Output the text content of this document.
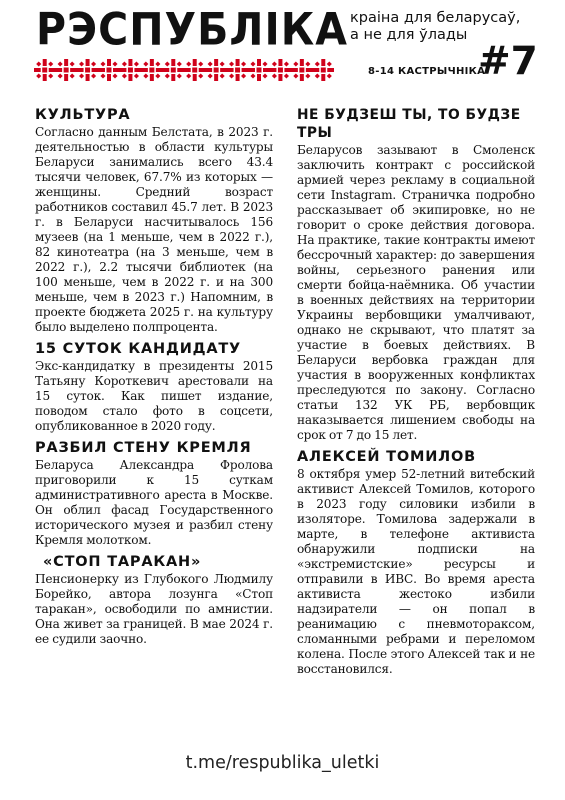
РЭСПУБЛІКА краіна для беларусаў,
а не для ўлады
8-14 КАСТРЫЧНІКА
#7
КУЛЬТУРА

Согласно данным Белстата, в 2023 г. деятельностью в области культуры Беларуси занимались всего 43.4 тысячи человек, 67.7% из которых — женщины. Средний возраст работников составил 45.7 лет. В 2023 г. в Беларуси насчитывалось 156 музеев (на 1 меньше, чем в 2022 г.), 82 кинотеатра (на 3 меньше, чем в 2022 г.), 2.2 тысячи библиотек (на 100 меньше, чем в 2022 г. и на 300 меньше, чем в 2023 г.) Напомним, в проекте бюджета 2025 г. на культуру было выделено полпроцента.

15 СУТОК КАНДИДАТУ

Экс-кандидатку в президенты 2015 Татьяну Короткевич арестовали на 15 суток. Как пишет издание, поводом стало фото в соцсети, опубликованное в 2020 году.

РАЗБИЛ СТЕНУ КРЕМЛЯ

Беларуса Александра Фролова приговорили к 15 суткам административного ареста в Москве. Он облил фасад Государственного исторического музея и разбил стену Кремля молотком.

«СТОП ТАРАКАН»

Пенсионерку из Глубокого Людмилу Борейко, автора лозунга «Стоп таракан», освободили по амнистии. Она живет за границей. В мае 2024 г. ее судили заочно.

НЕ БУДЗЕШ ТЫ, ТО БУДЗЕ ТРЫ

Беларусов зазывают в Смоленск заключить контракт с российской армией через рекламу в социальной сети Instagram. Страничка подробно рассказывает об экипировке, но не говорит о сроке действия договора. На практике, такие контракты имеют бессрочный характер: до завершения войны, серьезного ранения или смерти бойца-наёмника. Об участии в военных действиях на территории Украины вербовщики умалчивают, однако не скрывают, что платят за участие в боевых действиях. В Беларуси вербовка граждан для участия в вооруженных конфликтах преследуются по закону. Согласно статьи 132 УК РБ, вербовщик наказывается лишением свободы на срок от 7 до 15 лет.

АЛЕКСЕЙ ТОМИЛОВ

8 октября умер 52-летний витебский активист Алексей Томилов, которого в 2023 году силовики избили в изоляторе. Томилова задержали в марте, в телефоне активиста обнаружили подписки на «экстремистские» ресурсы и отправили в ИВС. Во время ареста активиста жестоко избили надзиратели — он попал в реанимацию с пневмотораксом, сломанными ребрами и переломом колена. После этого Алексей так и не восстановился.

t.me/respublika_uletki
